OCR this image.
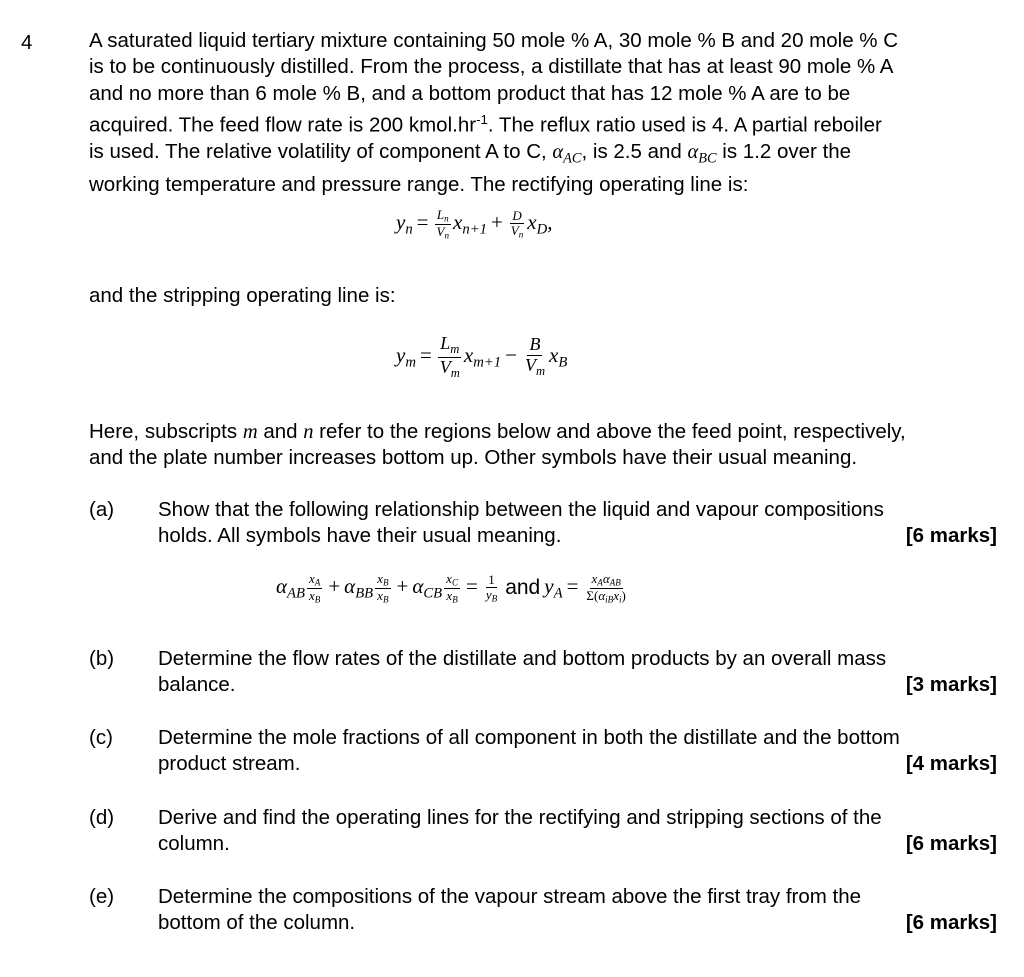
4	A saturated liquid tertiary mixture containing 50 mole % A, 30 mole % B and 20 mole % C
is to be continuously distilled. From the process, a distillate that has at least 90 mole % A
and no more than 6 mole % B, and a bottom product that has 12 mole % A are to be
acquired. The feed flow rate is 200 $kmol.hr^{-1}$. The reflux ratio used is 4. A partial reboiler
is used. The relative volatility of component A to C, $\alpha_{AC}$, is 2.5 and $\alpha_{BC}$ is 1.2 over the
working temperature and pressure range. The rectifying operating line is:
$y_n = \frac{L_n}{V_n} x_{n+1} + \frac{D}{V_n} x_D$,
and the stripping operating line is:
$y_m = \frac{L_m}{V_m} x_{m+1} - \frac{B}{V_m} x_B$
Here, subscripts m and n refer to the regions below and above the feed point, respectively,
and the plate number increases bottom up. Other symbols have their usual meaning.
(a) Show that the following relationship between the liquid and vapour compositions
holds. All symbols have their usual meaning.	[6 marks]
$\alpha_{AB} \frac{x_A}{x_B} + \alpha_{BB} \frac{x_B}{x_B} + \alpha_{CB} \frac{x_C}{x_B} = \frac{1}{y_B}$ and $y_A = \frac{x_A\alpha_{AB}}{\Sigma(\alpha_{iB}x_i)}$
(b) Determine the flow rates of the distillate and bottom products by an overall mass
balance.	[3 marks]
(c) Determine the mole fractions of all component in both the distillate and the bottom
product stream.	[4 marks]
(d) Derive and find the operating lines for the rectifying and stripping sections of the
column.	[6 marks]
(e) Determine the compositions of the vapour stream above the first tray from the
bottom of the column.	[6 marks]
